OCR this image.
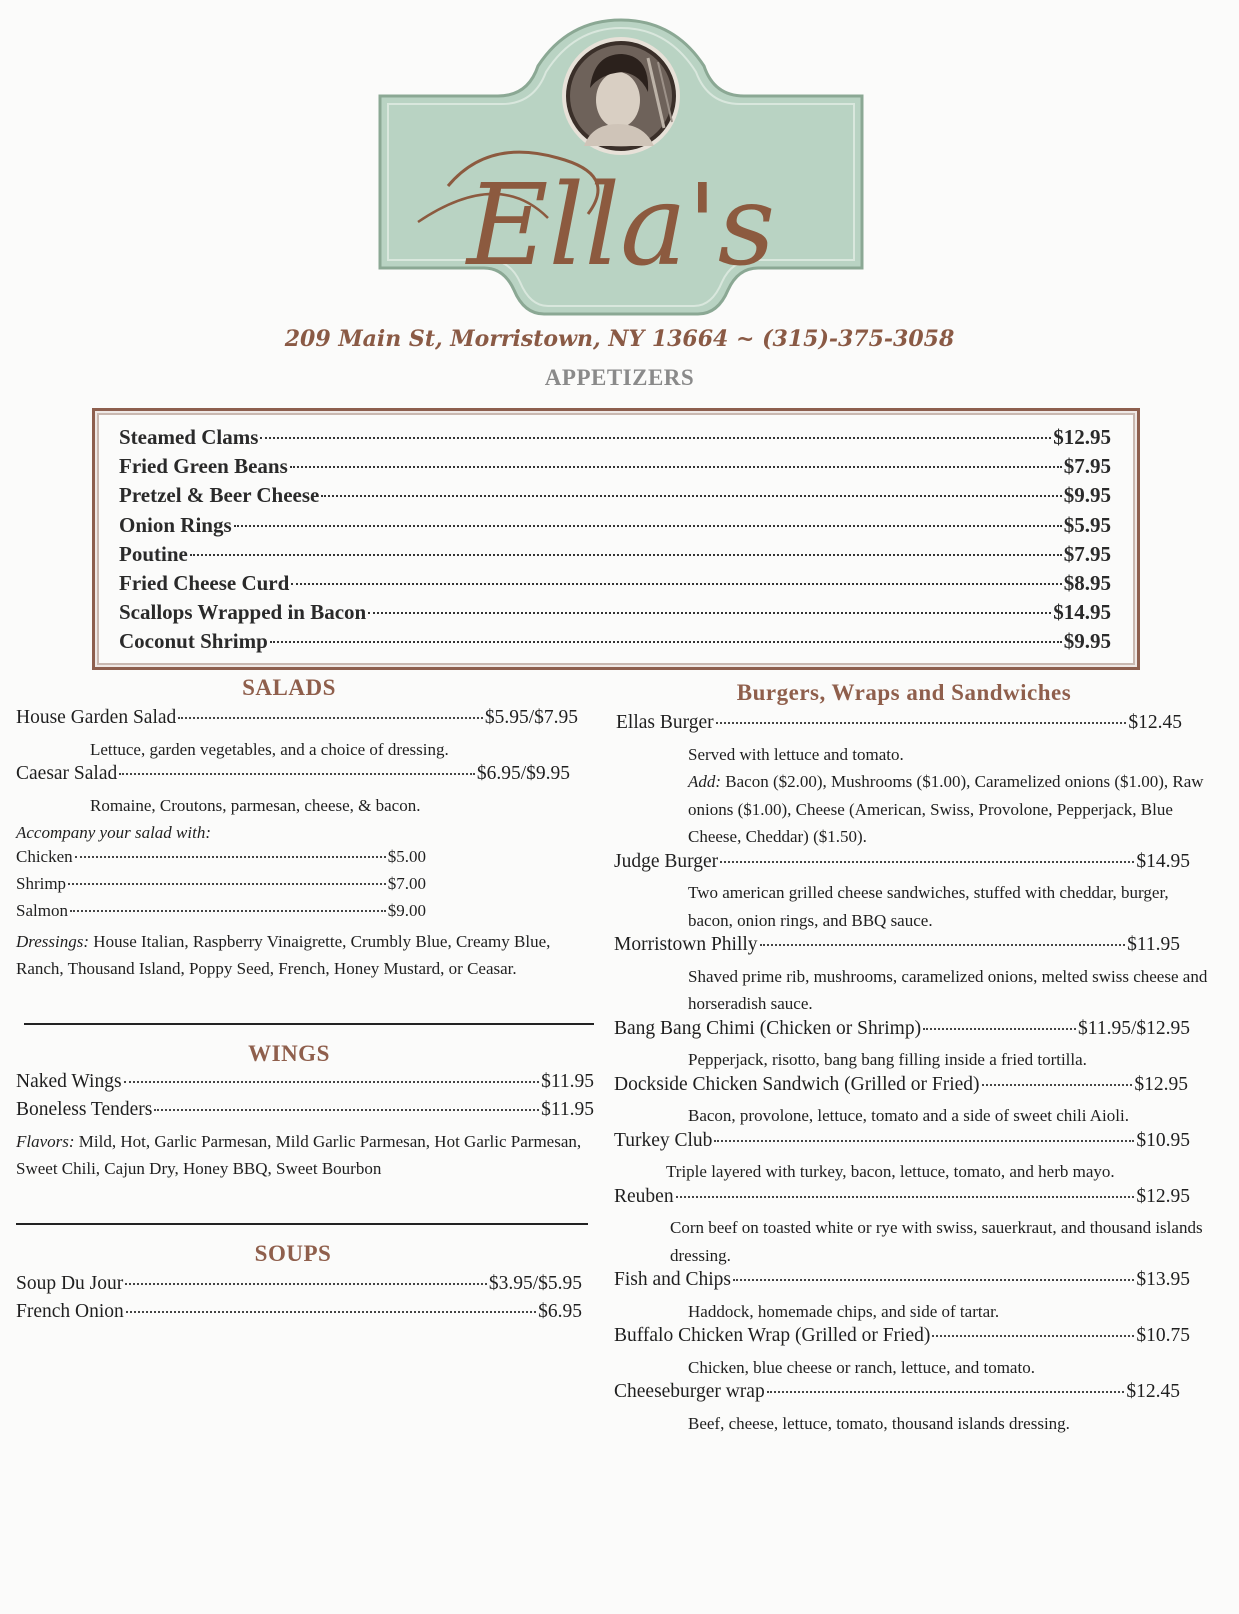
Ella's
209 Main St, Morristown, NY 13664 ~ (315)-375-3058
APPETIZERS
Steamed Clams	$12.95
Fried Green Beans	$7.95
Pretzel & Beer Cheese	$9.95
Onion Rings	$5.95
Poutine	$7.95
Fried Cheese Curd	$8.95
Scallops Wrapped in Bacon	$14.95
Coconut Shrimp	$9.95
SALADS
House Garden Salad	$5.95/$7.95
Lettuce, garden vegetables, and a choice of dressing.
Caesar Salad	$6.95/$9.95
Romaine, Croutons, parmesan, cheese, & bacon.
Accompany your salad with:
Chicken	$5.00
Shrimp	$7.00
Salmon	$9.00
Dressings: House Italian, Raspberry Vinaigrette, Crumbly Blue, Creamy Blue, Ranch, Thousand Island, Poppy Seed, French, Honey Mustard, or Ceasar.
WINGS
Naked Wings	$11.95
Boneless Tenders	$11.95
Flavors: Mild, Hot, Garlic Parmesan, Mild Garlic Parmesan, Hot Garlic Parmesan, Sweet Chili, Cajun Dry, Honey BBQ, Sweet Bourbon
SOUPS
Soup Du Jour	$3.95/$5.95
French Onion	$6.95
Burgers, Wraps and Sandwiches
Ellas Burger	$12.45
Served with lettuce and tomato.
Add: Bacon ($2.00), Mushrooms ($1.00), Caramelized onions ($1.00), Raw onions ($1.00), Cheese (American, Swiss, Provolone, Pepperjack, Blue Cheese, Cheddar) ($1.50).
Judge Burger	$14.95
Two american grilled cheese sandwiches, stuffed with cheddar, burger, bacon, onion rings, and BBQ sauce.
Morristown Philly	$11.95
Shaved prime rib, mushrooms, caramelized onions, melted swiss cheese and horseradish sauce.
Bang Bang Chimi (Chicken or Shrimp)	$11.95/$12.95
Pepperjack, risotto, bang bang filling inside a fried tortilla.
Dockside Chicken Sandwich (Grilled or Fried)	$12.95
Bacon, provolone, lettuce, tomato and a side of sweet chili Aioli.
Turkey Club	$10.95
Triple layered with turkey, bacon, lettuce, tomato, and herb mayo.
Reuben	$12.95
Corn beef on toasted white or rye with swiss, sauerkraut, and thousand islands dressing.
Fish and Chips	$13.95
Haddock, homemade chips, and side of tartar.
Buffalo Chicken Wrap (Grilled or Fried)	$10.75
Chicken, blue cheese or ranch, lettuce, and tomato.
Cheeseburger wrap	$12.45
Beef, cheese, lettuce, tomato, thousand islands dressing.
